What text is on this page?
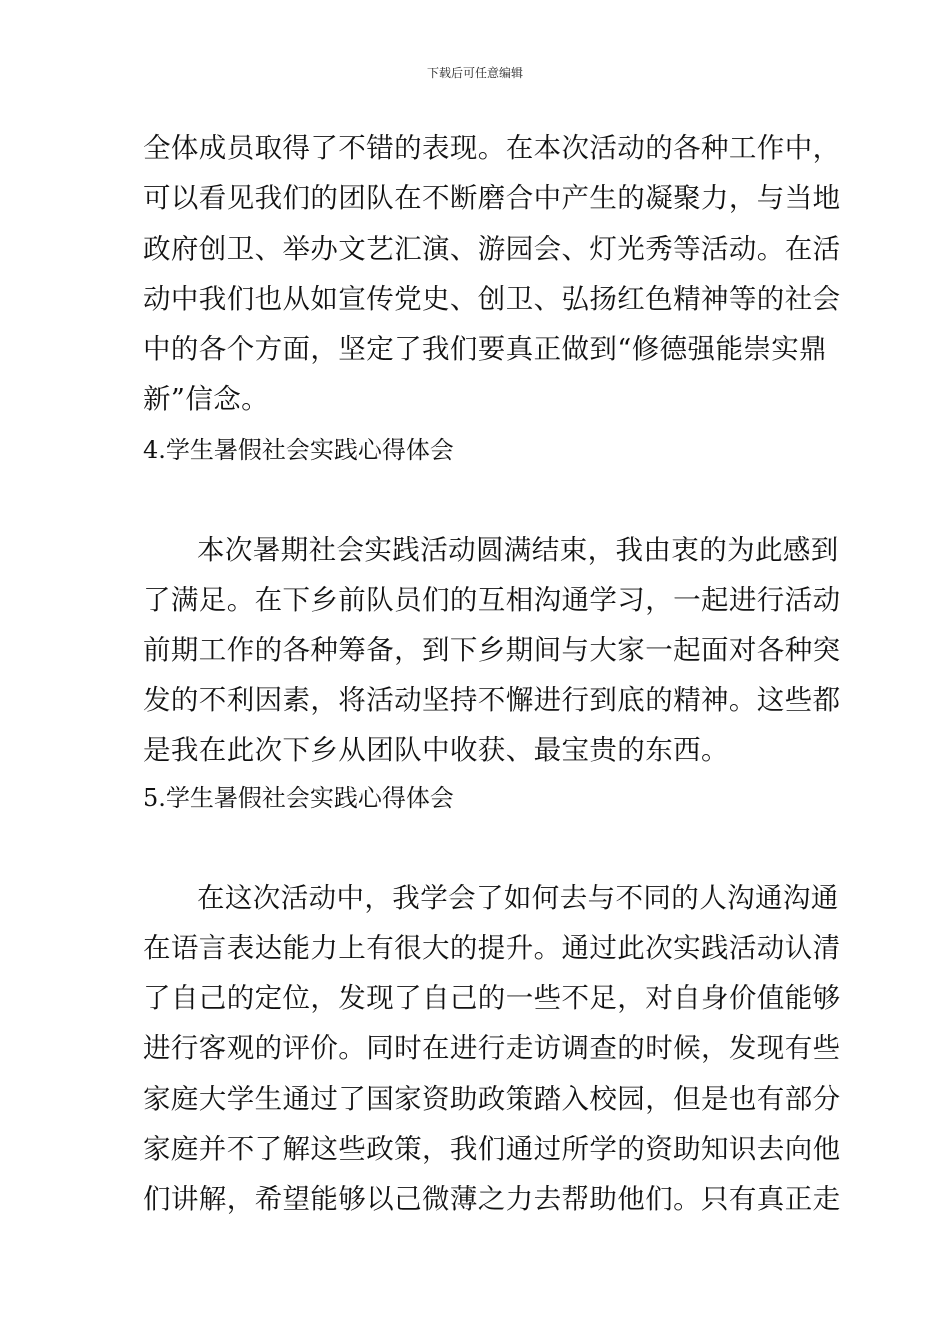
下载后可任意编辑
全体成员取得了不错的表现。在本次活动的各种工作中，
可以看见我们的团队在不断磨合中产生的凝聚力，与当地
政府创卫、举办文艺汇演、游园会、灯光秀等活动。在活
动中我们也从如宣传党史、创卫、弘扬红色精神等的社会
中的各个方面，坚定了我们要真正做到“修德强能崇实鼎
新”信念。
4.学生暑假社会实践心得体会
本次暑期社会实践活动圆满结束，我由衷的为此感到
了满足。在下乡前队员们的互相沟通学习，一起进行活动
前期工作的各种筹备，到下乡期间与大家一起面对各种突
发的不利因素，将活动坚持不懈进行到底的精神。这些都
是我在此次下乡从团队中收获、最宝贵的东西。
5.学生暑假社会实践心得体会
在这次活动中，我学会了如何去与不同的人沟通沟通
在语言表达能力上有很大的提升。通过此次实践活动认清
了自己的定位，发现了自己的一些不足，对自身价值能够
进行客观的评价。同时在进行走访调查的时候，发现有些
家庭大学生通过了国家资助政策踏入校园，但是也有部分
家庭并不了解这些政策，我们通过所学的资助知识去向他
们讲解，希望能够以己微薄之力去帮助他们。只有真正走
